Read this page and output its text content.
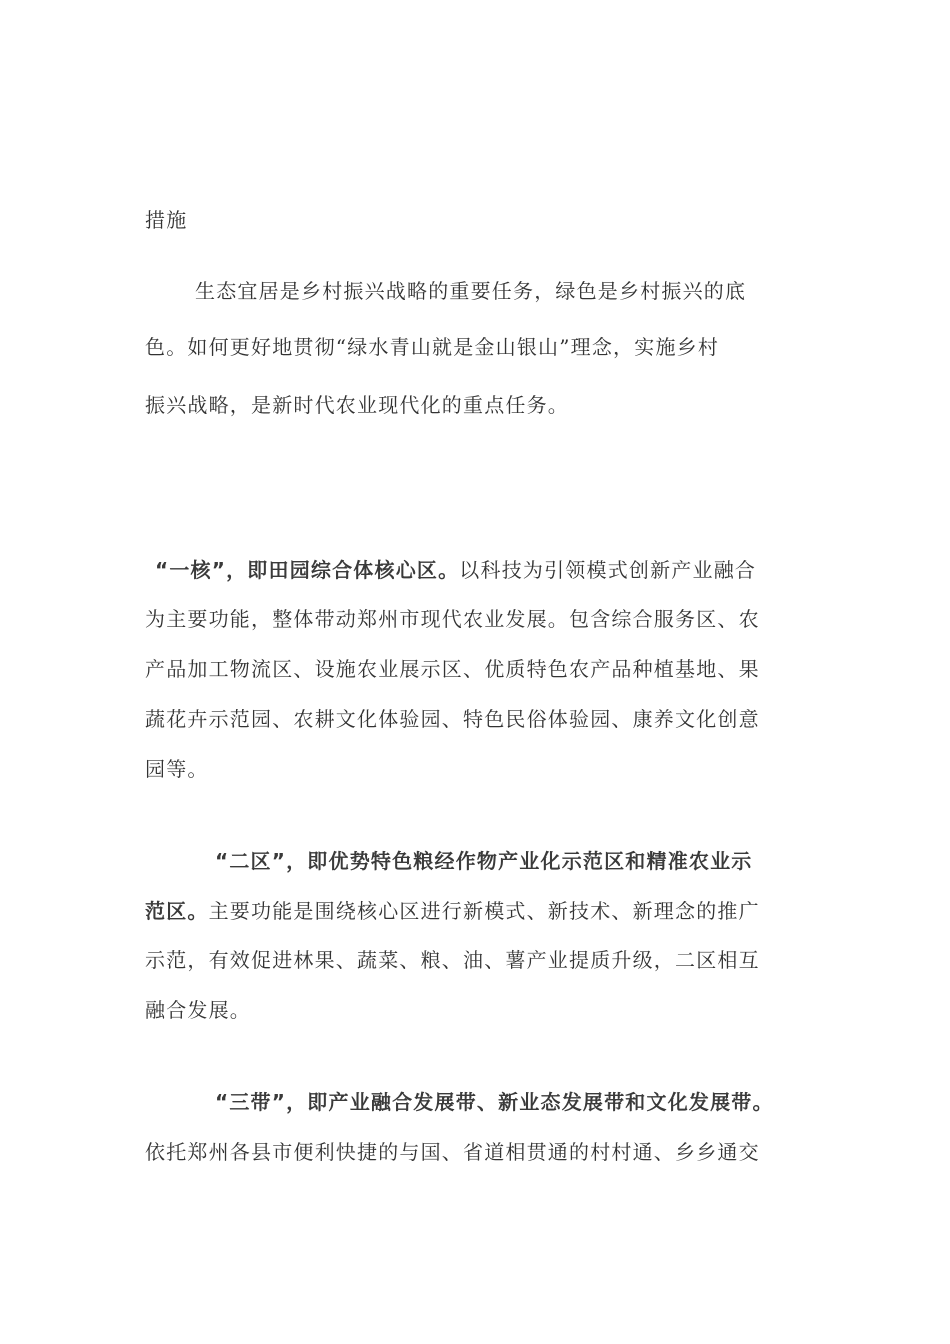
措施
生态宜居是乡村振兴战略的重要任务，绿色是乡村振兴的底
色。如何更好地贯彻“绿水青山就是金山银山”理念，实施乡村
振兴战略，是新时代农业现代化的重点任务。
“一核”，即田园综合体核心区。以科技为引领模式创新产业融合
为主要功能，整体带动郑州市现代农业发展。包含综合服务区、农
产品加工物流区、设施农业展示区、优质特色农产品种植基地、果
蔬花卉示范园、农耕文化体验园、特色民俗体验园、康养文化创意
园等。
“二区”，即优势特色粮经作物产业化示范区和精准农业示
范区。主要功能是围绕核心区进行新模式、新技术、新理念的推广
示范，有效促进林果、蔬菜、粮、油、薯产业提质升级，二区相互
融合发展。
“三带”，即产业融合发展带、新业态发展带和文化发展带。
依托郑州各县市便利快捷的与国、省道相贯通的村村通、乡乡通交
